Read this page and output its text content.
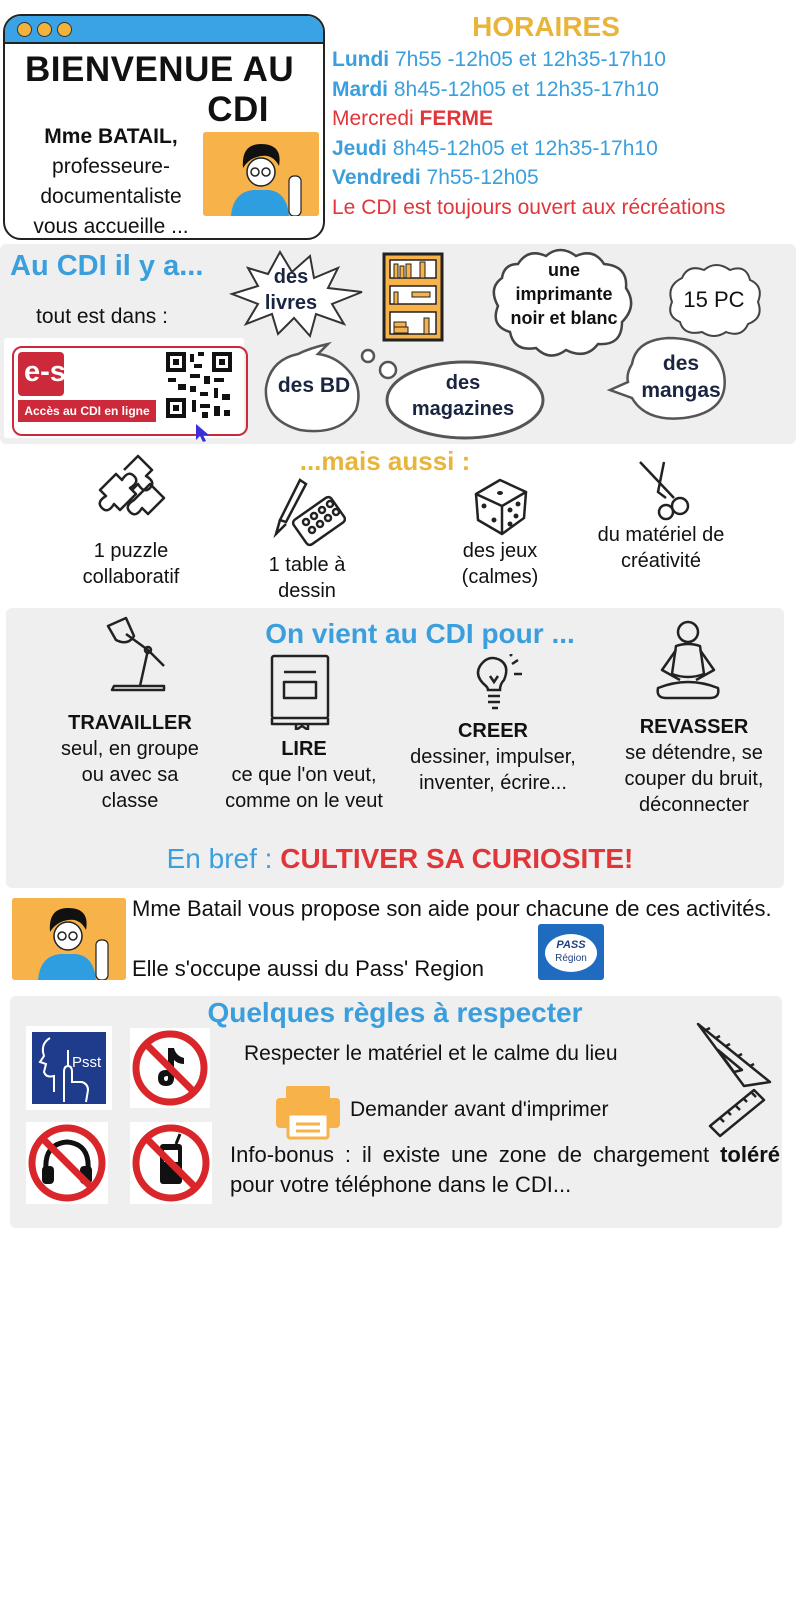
BIENVENUE AU
CDI
Mme BATAIL,
professeure-
documentaliste
vous accueille ...
HORAIRES
Lundi 7h55 -12h05 et 12h35-17h10
Mardi 8h45-12h05 et 12h35-17h10
Mercredi FERME
Jeudi 8h45-12h05 et 12h35-17h10
Vendredi 7h55-12h05
Le CDI est toujours ouvert aux récréations
Au CDI il y a...
tout est dans :
e-sidoc
Accès au CDI en ligne
des livres
une imprimante noir et blanc
15 PC
des BD	des magazines
des mangas
...mais aussi :
1 puzzle collaboratif
1 table à dessin
des jeux (calmes)
du matériel de créativité
On vient au CDI pour ...
TRAVAILLER
seul, en groupe ou avec sa classe
LIRE
ce que l'on veut, comme on le veut
CREER
dessiner, impulser, inventer, écrire...
REVASSER
se détendre, se couper du bruit, déconnecter
En bref : CULTIVER SA CURIOSITE!
Mme Batail vous propose son aide pour chacune de ces activités.
Elle s'occupe aussi du Pass' Region
PASS
Région
Quelques règles à respecter
Psst	Respecter le matériel et le calme du lieu
Demander avant d'imprimer
Info-bonus : il existe une zone de chargement toléré pour votre téléphone dans le CDI...
